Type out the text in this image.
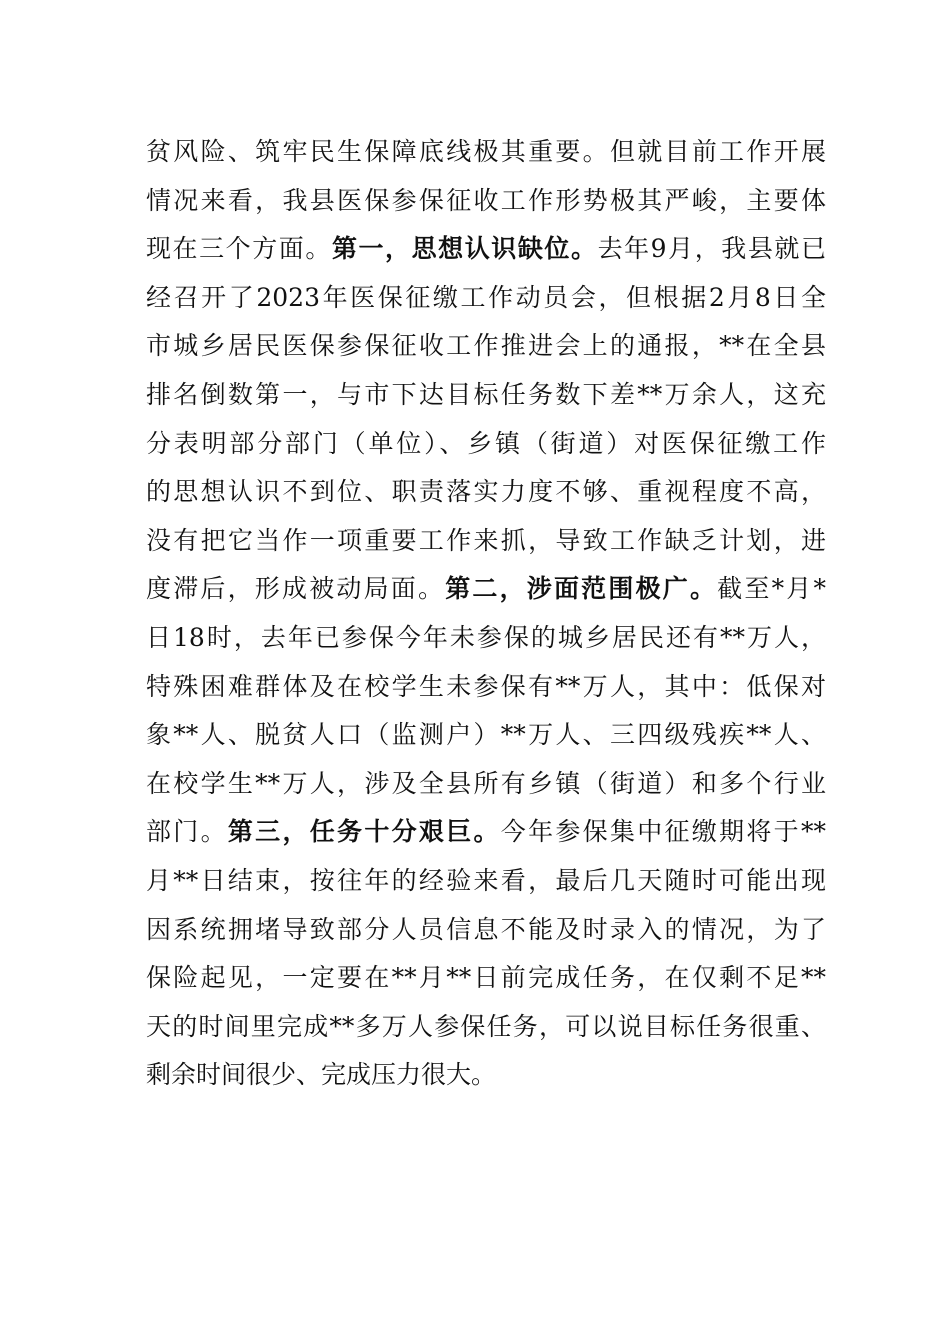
贫风险、筑牢民生保障底线极其重要。但就目前工作开展
情况来看，我县医保参保征收工作形势极其严峻，主要体
现在三个方面。第一，思想认识缺位。去年9月，我县就已
经召开了2023年医保征缴工作动员会，但根据2月8日全
市城乡居民医保参保征收工作推进会上的通报，**在全县
排名倒数第一，与市下达目标任务数下差**万余人，这充
分表明部分部门（单位）、乡镇（街道）对医保征缴工作
的思想认识不到位、职责落实力度不够、重视程度不高，
没有把它当作一项重要工作来抓，导致工作缺乏计划，进
度滞后，形成被动局面。第二，涉面范围极广。截至*月*
日18时，去年已参保今年未参保的城乡居民还有**万人，
特殊困难群体及在校学生未参保有**万人，其中：低保对
象**人、脱贫人口（监测户）**万人、三四级残疾**人、
在校学生**万人，涉及全县所有乡镇（街道）和多个行业
部门。第三，任务十分艰巨。今年参保集中征缴期将于**
月**日结束，按往年的经验来看，最后几天随时可能出现
因系统拥堵导致部分人员信息不能及时录入的情况，为了
保险起见，一定要在**月**日前完成任务，在仅剩不足**
天的时间里完成**多万人参保任务，可以说目标任务很重、
剩余时间很少、完成压力很大。
